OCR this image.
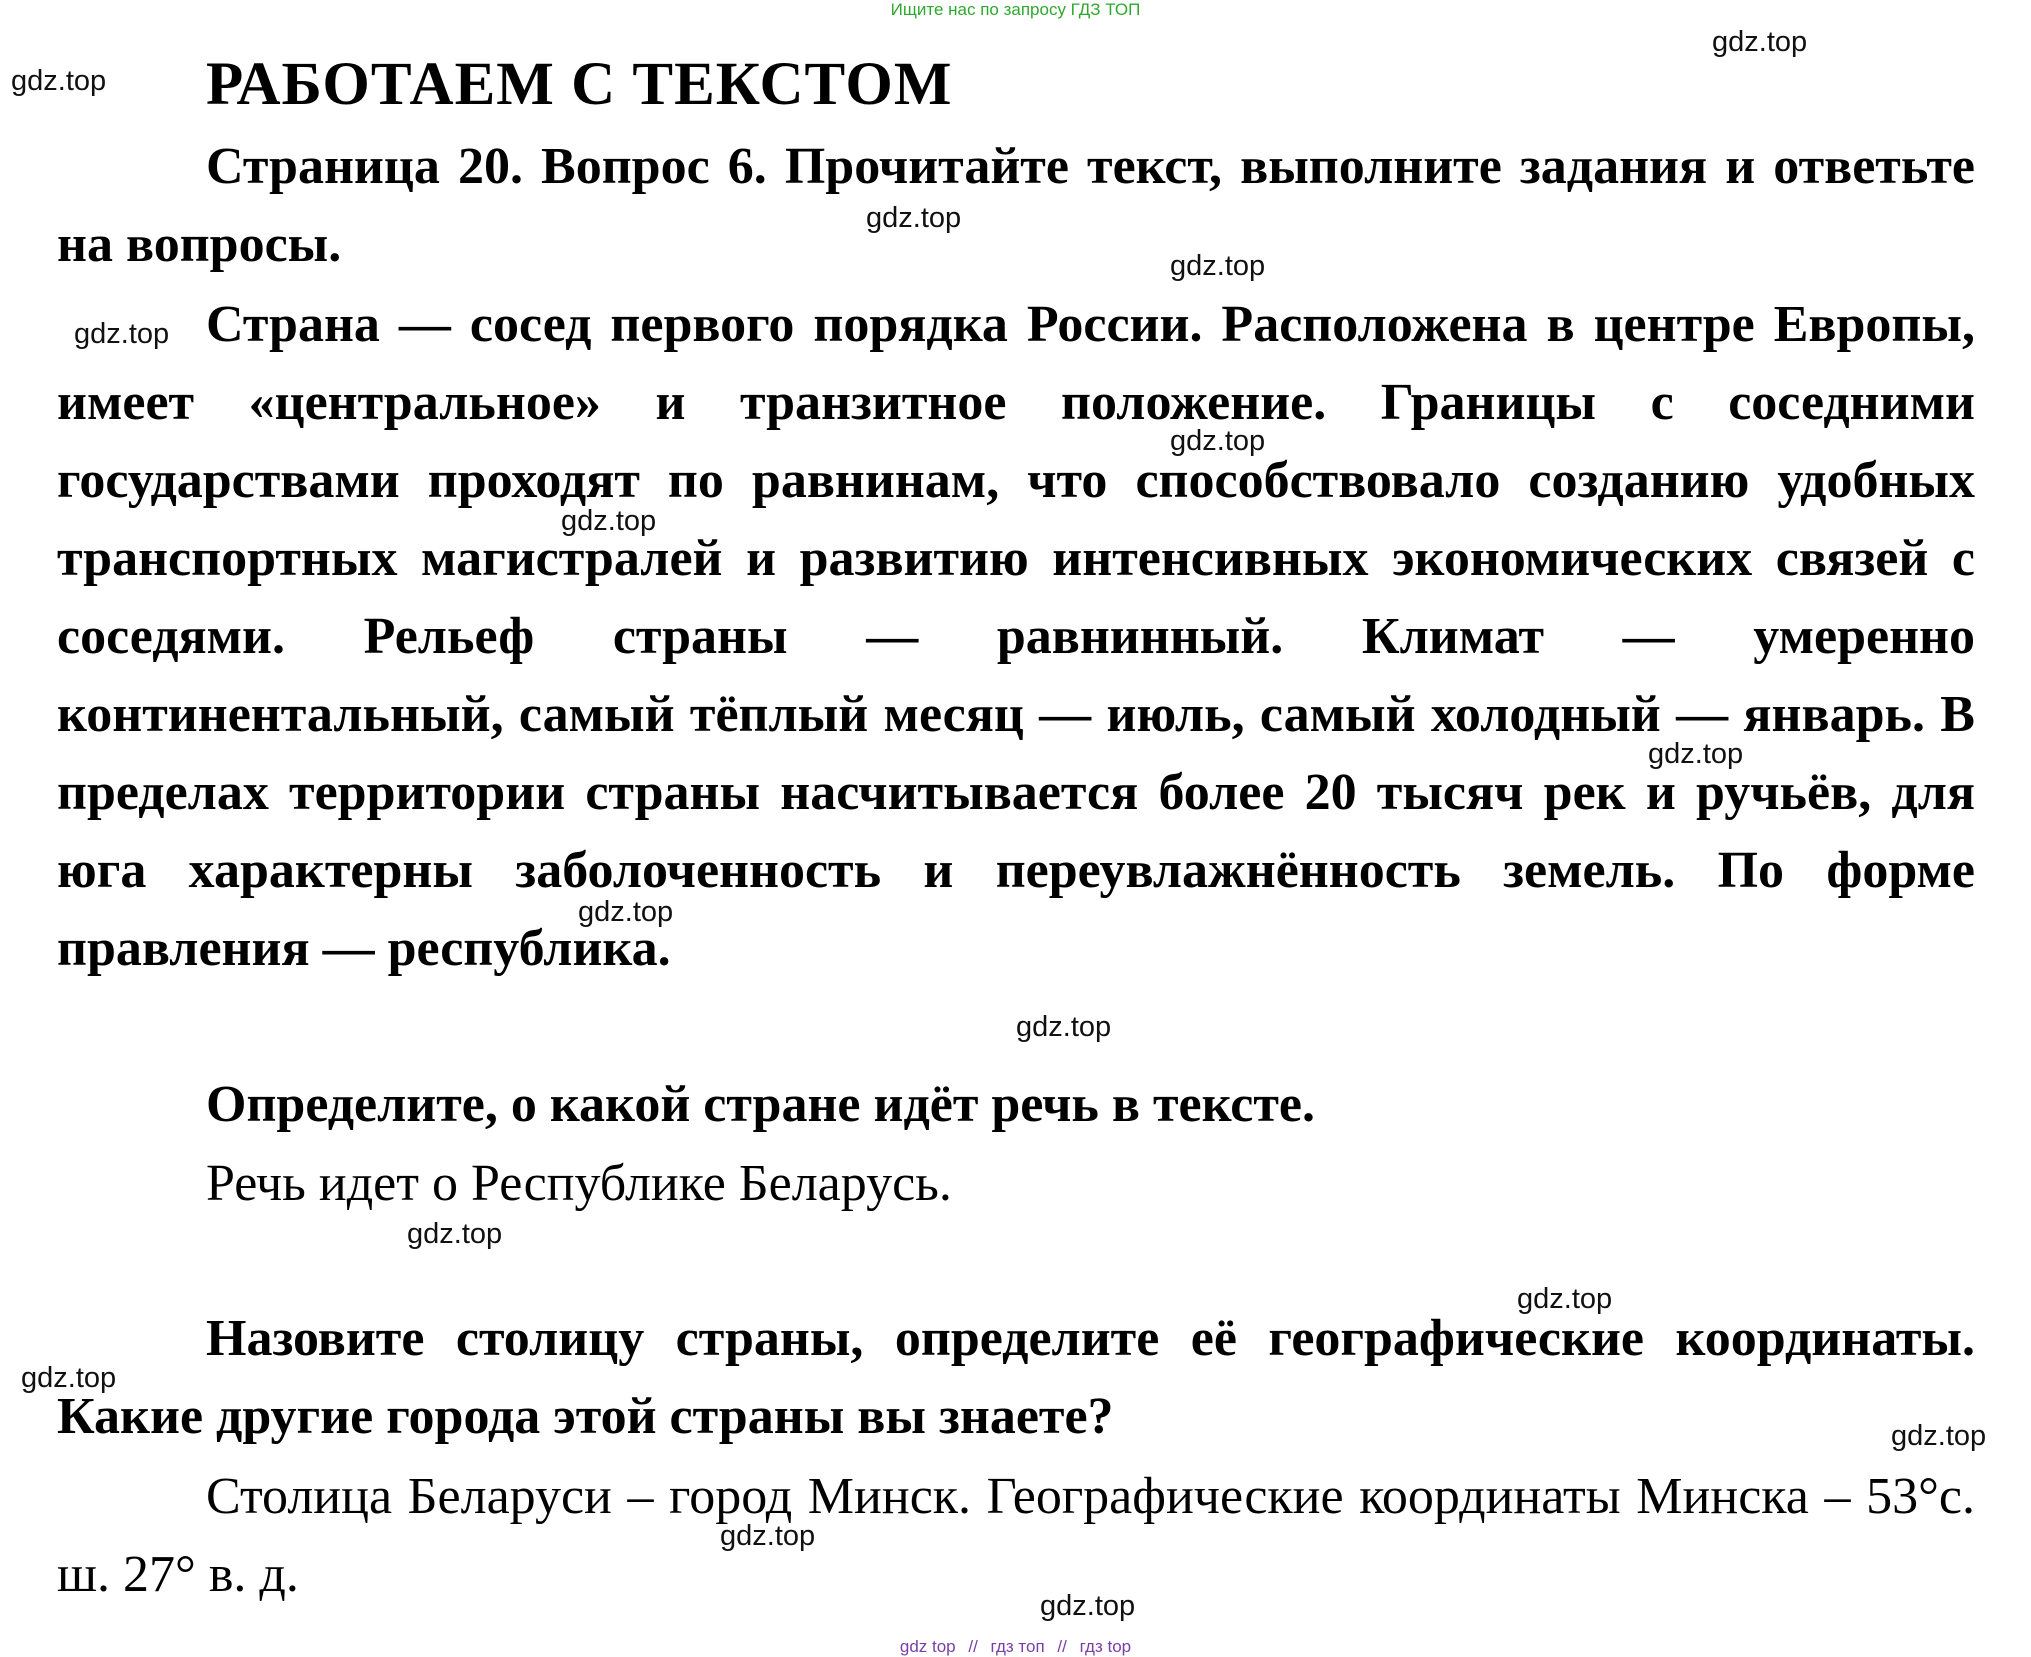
Ищите нас по запросу ГДЗ ТОП
РАБОТАЕМ С ТЕКСТОМ
Страница 20. Вопрос 6. Прочитайте текст, выполните задания и ответьте на вопросы.
Страна — сосед первого порядка России. Расположена в центре Европы, имеет «центральное» и транзитное положение. Границы с соседними государствами проходят по равнинам, что способствовало созданию удобных транспортных магистралей и развитию интенсивных экономических связей с соседями. Рельеф страны — равнинный. Климат — умеренно континентальный, самый тёплый месяц — июль, самый холодный — январь. В пределах территории страны насчитывается более 20 тысяч рек и ручьёв, для юга характерны заболоченность и переувлажнённость земель. По форме правления — республика.
Определите, о какой стране идёт речь в тексте.
Речь идет о Республике Беларусь.
Назовите столицу страны, определите её географические координаты. Какие другие города этой страны вы знаете?
Столица Беларуси – город Минск. Географические координаты Минска – 53°с. ш. 27° в. д.
gdz.top
gdz.top
gdz.top
gdz.top
gdz.top
gdz.top
gdz.top
gdz.top
gdz.top
gdz.top
gdz.top
gdz.top
gdz.top
gdz.top
gdz.top
gdz.top
gdz top // гдз топ // гдз top
